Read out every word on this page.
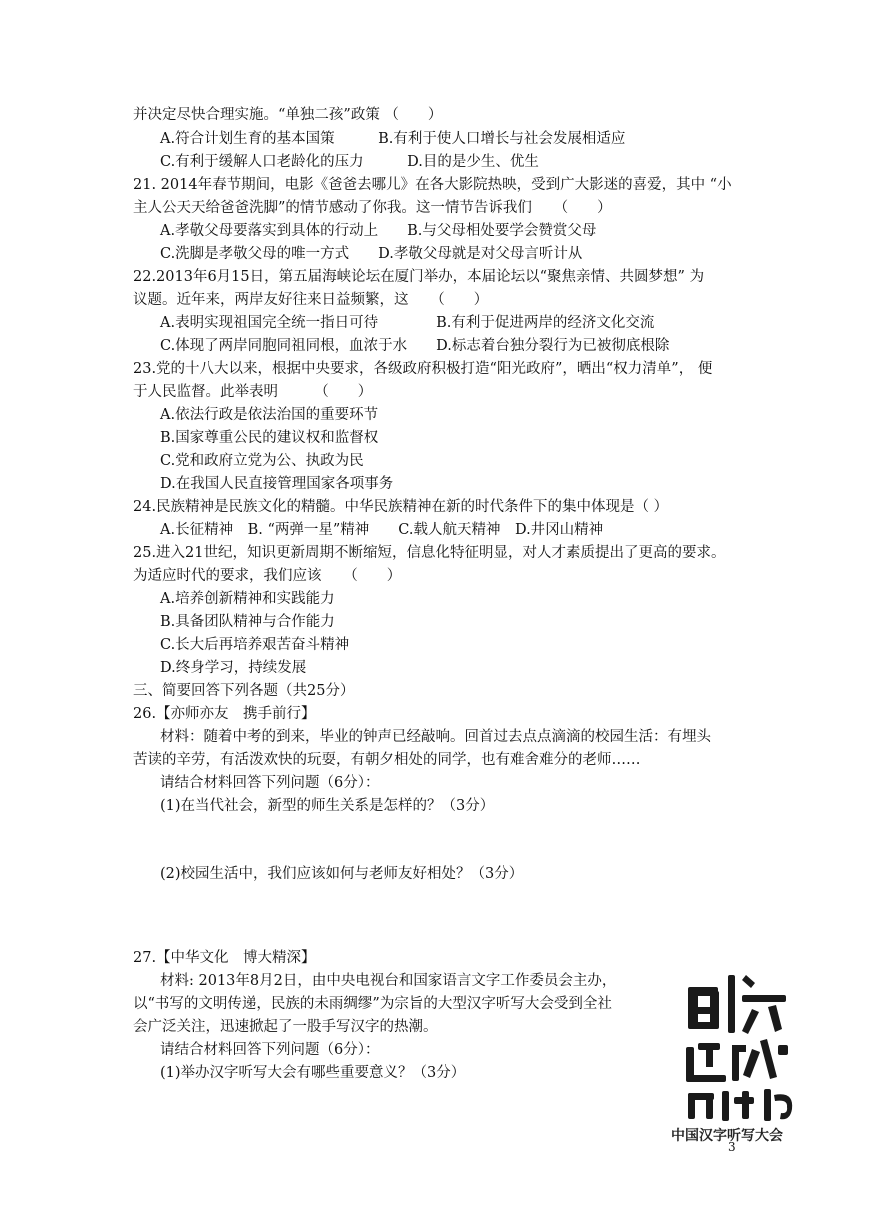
并决定尽快合理实施。“单独二孩”政策 （　　）
A.符合计划生育的基本国策　　　B.有利于使人口增长与社会发展相适应
C.有利于缓解人口老龄化的压力　　　D.目的是少生、优生
21. 2014年春节期间，电影《爸爸去哪儿》在各大影院热映，受到广大影迷的喜爱，其中 “小
主人公天天给爸爸洗脚”的情节感动了你我。这一情节告诉我们　　（　　）
A.孝敬父母要落实到具体的行动上　　B.与父母相处要学会赞赏父母
C.洗脚是孝敬父母的唯一方式　　D.孝敬父母就是对父母言听计从
22.2013年6月15日，第五届海峡论坛在厦门举办，本届论坛以“聚焦亲情、共圆梦想” 为
议题。近年来，两岸友好往来日益频繁，这　　（　　）
A.表明实现祖国完全统一指日可待　　　　B.有利于促进两岸的经济文化交流
C.体现了两岸同胞同祖同根，血浓于水　　D.标志着台独分裂行为已被彻底根除
23.党的十八大以来，根据中央要求，各级政府积极打造“阳光政府”，晒出“权力清单”， 便
于人民监督。此举表明　　　（　　）
A.依法行政是依法治国的重要环节
B.国家尊重公民的建议权和监督权
C.党和政府立党为公、执政为民
D.在我国人民直接管理国家各项事务
24.民族精神是民族文化的精髓。中华民族精神在新的时代条件下的集中体现是（ ）
A.长征精神　B. “两弹一星”精神　　C.载人航天精神　D.井冈山精神
25.进入21世纪，知识更新周期不断缩短，信息化特征明显，对人才素质提出了更高的要求。
为适应时代的要求，我们应该　　（　　）
A.培养创新精神和实践能力
B.具备团队精神与合作能力
C.长大后再培养艰苦奋斗精神
D.终身学习，持续发展
三、简要回答下列各题（共25分）
26.【亦师亦友　携手前行】
材料：随着中考的到来，毕业的钟声已经敲响。回首过去点点滴滴的校园生活：有埋头
苦读的辛劳，有活泼欢快的玩耍，有朝夕相处的同学，也有难舍难分的老师……
请结合材料回答下列问题（6分）：
(1)在当代社会，新型的师生关系是怎样的？（3分）
(2)校园生活中，我们应该如何与老师友好相处？（3分）
27.【中华文化　博大精深】
材料: 2013年8月2日，由中央电视台和国家语言文字工作委员会主办，
以“书写的文明传递，民族的未雨绸缪”为宗旨的大型汉字听写大会受到全社
会广泛关注，迅速掀起了一股手写汉字的热潮。
请结合材料回答下列问题（6分）：
(1)举办汉字听写大会有哪些重要意义？（3分）
中国汉字听写大会
3
